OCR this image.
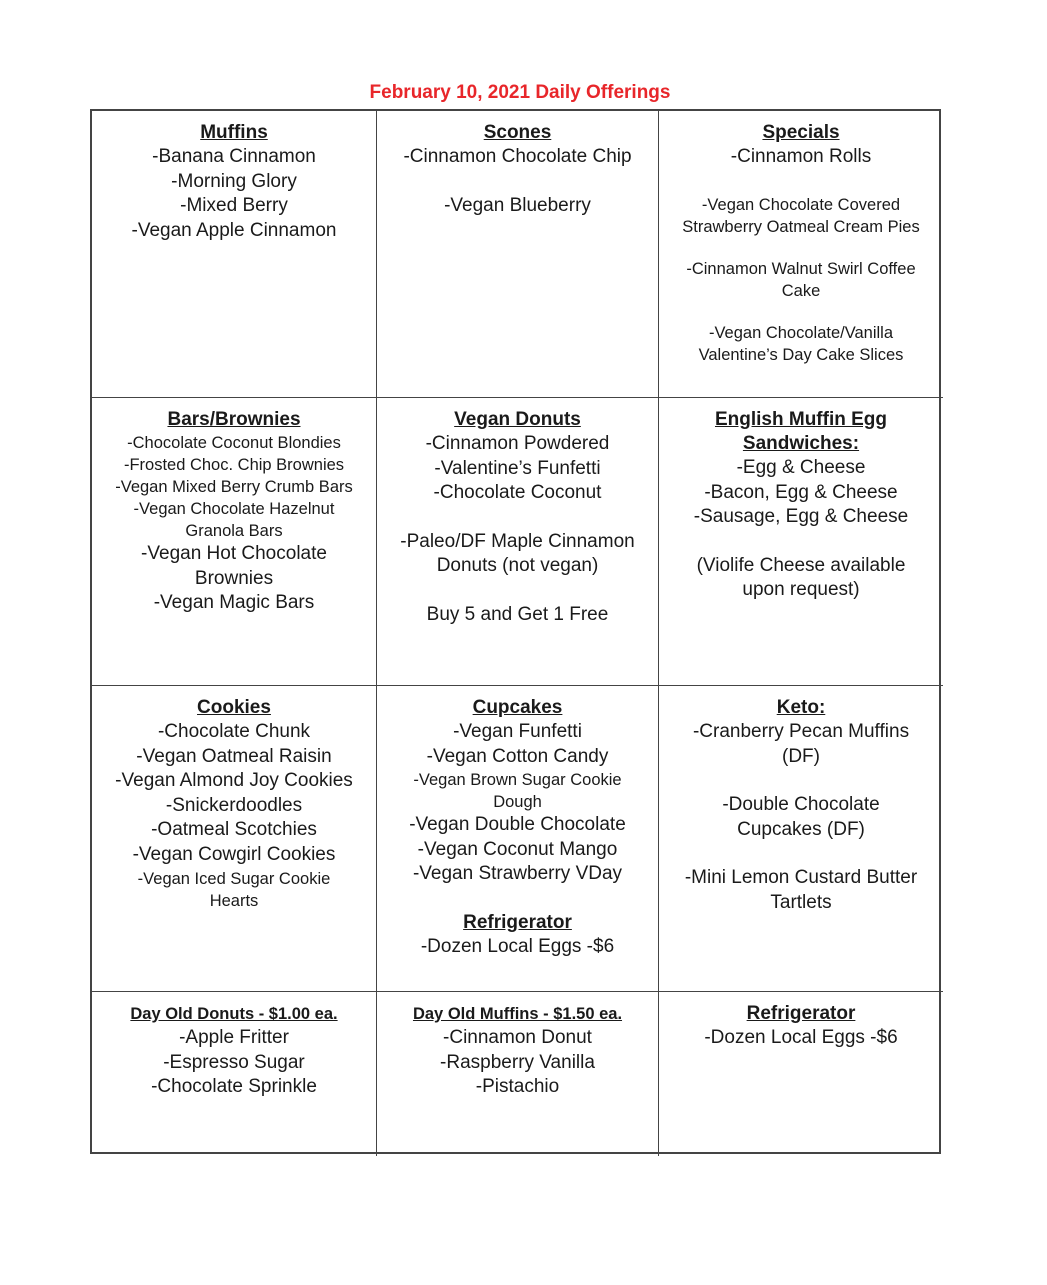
February 10, 2021 Daily Offerings
Muffins
-Banana Cinnamon
-Morning Glory
-Mixed Berry
-Vegan Apple Cinnamon
Scones
-Cinnamon Chocolate Chip
-Vegan Blueberry
Specials
-Cinnamon Rolls
-Vegan Chocolate Covered Strawberry Oatmeal Cream Pies
-Cinnamon Walnut Swirl Coffee Cake
-Vegan Chocolate/Vanilla Valentine’s Day Cake Slices
Bars/Brownies
-Chocolate Coconut Blondies
-Frosted Choc. Chip Brownies
-Vegan Mixed Berry Crumb Bars
-Vegan Chocolate Hazelnut Granola Bars
-Vegan Hot Chocolate Brownies
-Vegan Magic Bars
Vegan Donuts
-Cinnamon Powdered
-Valentine’s Funfetti
-Chocolate Coconut
-Paleo/DF Maple Cinnamon Donuts (not vegan)
Buy 5 and Get 1 Free
English Muffin Egg Sandwiches:
-Egg & Cheese
-Bacon, Egg & Cheese
-Sausage, Egg & Cheese
(Violife Cheese available upon request)
Cookies
-Chocolate Chunk
-Vegan Oatmeal Raisin
-Vegan Almond Joy Cookies
-Snickerdoodles
-Oatmeal Scotchies
-Vegan Cowgirl Cookies
-Vegan Iced Sugar Cookie Hearts
Cupcakes
-Vegan Funfetti
-Vegan Cotton Candy
-Vegan Brown Sugar Cookie Dough
-Vegan Double Chocolate
-Vegan Coconut Mango
-Vegan Strawberry VDay
Refrigerator
-Dozen Local Eggs -$6
Keto:
-Cranberry Pecan Muffins (DF)
-Double Chocolate Cupcakes (DF)
-Mini Lemon Custard Butter Tartlets
Day Old Donuts - $1.00 ea.
-Apple Fritter
-Espresso Sugar
-Chocolate Sprinkle
Day Old Muffins - $1.50 ea.
-Cinnamon Donut
-Raspberry Vanilla
-Pistachio
Refrigerator
-Dozen Local Eggs -$6
